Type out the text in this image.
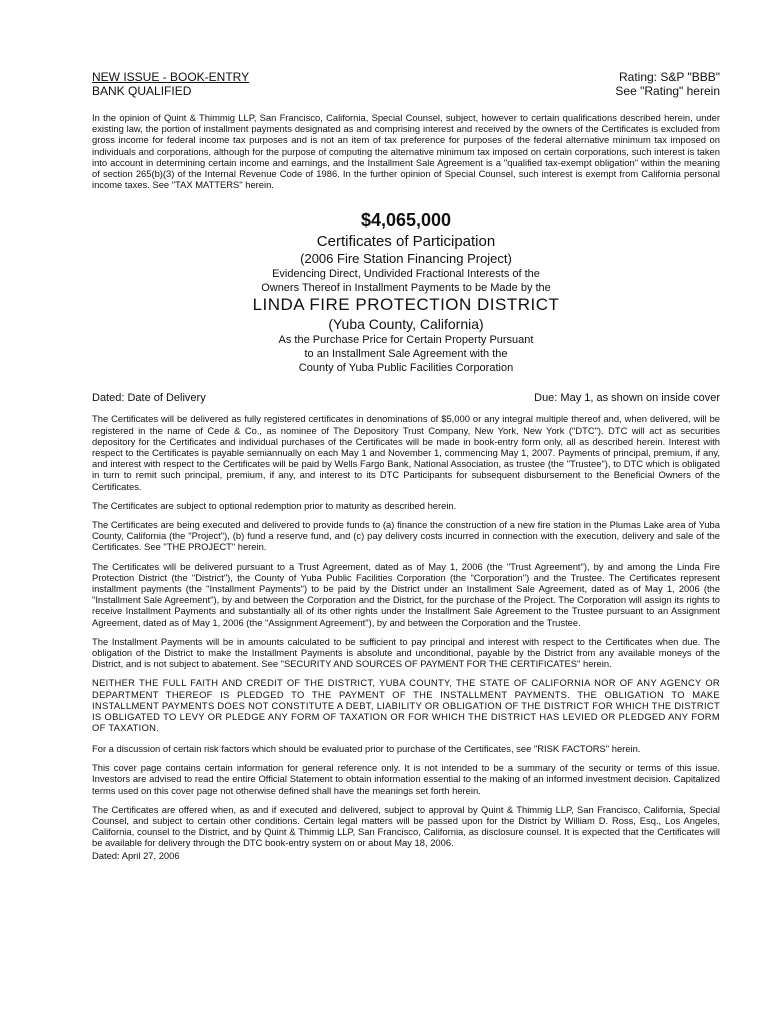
NEW ISSUE - BOOK-ENTRY
BANK QUALIFIED
Rating: S&P "BBB"
See "Rating" herein

In the opinion of Quint & Thimmig LLP, San Francisco, California, Special Counsel, subject, however to certain qualifications described herein, under existing law, the portion of installment payments designated as and comprising interest and received by the owners of the Certificates is excluded from gross income for federal income tax purposes and is not an item of tax preference for purposes of the federal alternative minimum tax imposed on individuals and corporations, although for the purpose of computing the alternative minimum tax imposed on certain corporations, such interest is taken into account in determining certain income and earnings, and the Installment Sale Agreement is a "qualified tax-exempt obligation" within the meaning of section 265(b)(3) of the Internal Revenue Code of 1986. In the further opinion of Special Counsel, such interest is exempt from California personal income taxes. See "TAX MATTERS" herein.

$4,065,000
Certificates of Participation
(2006 Fire Station Financing Project)
Evidencing Direct, Undivided Fractional Interests of the
Owners Thereof in Installment Payments to be Made by the
LINDA FIRE PROTECTION DISTRICT
(Yuba County, California)
As the Purchase Price for Certain Property Pursuant
to an Installment Sale Agreement with the
County of Yuba Public Facilities Corporation
Dated: Date of Delivery	Due: May 1, as shown on inside cover

The Certificates will be delivered as fully registered certificates in denominations of $5,000 or any integral multiple thereof and, when delivered, will be registered in the name of Cede & Co., as nominee of The Depository Trust Company, New York, New York ("DTC"). DTC will act as securities depository for the Certificates and individual purchases of the Certificates will be made in book-entry form only, all as described herein. Interest with respect to the Certificates is payable semiannually on each May 1 and November 1, commencing May 1, 2007. Payments of principal, premium, if any, and interest with respect to the Certificates will be paid by Wells Fargo Bank, National Association, as trustee (the "Trustee"), to DTC which is obligated in turn to remit such principal, premium, if any, and interest to its DTC Participants for subsequent disbursement to the Beneficial Owners of the Certificates.

The Certificates are subject to optional redemption prior to maturity as described herein.

The Certificates are being executed and delivered to provide funds to (a) finance the construction of a new fire station in the Plumas Lake area of Yuba County, California (the "Project"), (b) fund a reserve fund, and (c) pay delivery costs incurred in connection with the execution, delivery and sale of the Certificates. See "THE PROJECT" herein.

The Certificates will be delivered pursuant to a Trust Agreement, dated as of May 1, 2006 (the "Trust Agreement"), by and among the Linda Fire Protection District (the "District"), the County of Yuba Public Facilities Corporation (the "Corporation") and the Trustee. The Certificates represent installment payments (the "Installment Payments") to be paid by the District under an Installment Sale Agreement, dated as of May 1, 2006 (the "Installment Sale Agreement"), by and between the Corporation and the District, for the purchase of the Project. The Corporation will assign its rights to receive Installment Payments and substantially all of its other rights under the Installment Sale Agreement to the Trustee pursuant to an Assignment Agreement, dated as of May 1, 2006 (the "Assignment Agreement"), by and between the Corporation and the Trustee.

The Installment Payments will be in amounts calculated to be sufficient to pay principal and interest with respect to the Certificates when due. The obligation of the District to make the Installment Payments is absolute and unconditional, payable by the District from any available moneys of the District, and is not subject to abatement. See "SECURITY AND SOURCES OF PAYMENT FOR THE CERTIFICATES" herein.

NEITHER THE FULL FAITH AND CREDIT OF THE DISTRICT, YUBA COUNTY, THE STATE OF CALIFORNIA NOR OF ANY AGENCY OR DEPARTMENT THEREOF IS PLEDGED TO THE PAYMENT OF THE INSTALLMENT PAYMENTS. THE OBLIGATION TO MAKE INSTALLMENT PAYMENTS DOES NOT CONSTITUTE A DEBT, LIABILITY OR OBLIGATION OF THE DISTRICT FOR WHICH THE DISTRICT IS OBLIGATED TO LEVY OR PLEDGE ANY FORM OF TAXATION OR FOR WHICH THE DISTRICT HAS LEVIED OR PLEDGED ANY FORM OF TAXATION.

For a discussion of certain risk factors which should be evaluated prior to purchase of the Certificates, see "RISK FACTORS" herein.

This cover page contains certain information for general reference only. It is not intended to be a summary of the security or terms of this issue. Investors are advised to read the entire Official Statement to obtain information essential to the making of an informed investment decision. Capitalized terms used on this cover page not otherwise defined shall have the meanings set forth herein.

The Certificates are offered when, as and if executed and delivered, subject to approval by Quint & Thimmig LLP, San Francisco, California, Special Counsel, and subject to certain other conditions. Certain legal matters will be passed upon for the District by William D. Ross, Esq., Los Angeles, California, counsel to the District, and by Quint & Thimmig LLP, San Francisco, California, as disclosure counsel. It is expected that the Certificates will be available for delivery through the DTC book-entry system on or about May 18, 2006.

Dated: April 27, 2006
